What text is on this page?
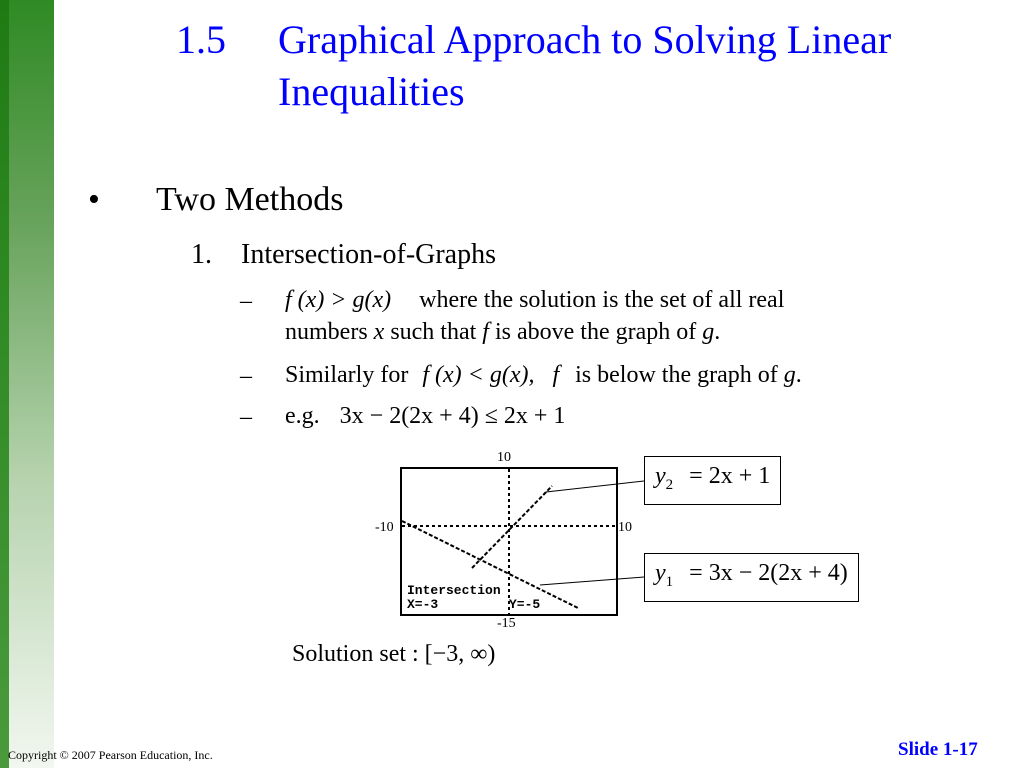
1.5 Graphical Approach to Solving Linear Inequalities
• Two Methods
1. Intersection-of-Graphs
– f (x) > g(x) where the solution is the set of all real
numbers x such that f is above the graph of g.
– Similarly for f (x) < g(x), f is below the graph of g.
– e.g. 3x − 2(2x + 4) ≤ 2x + 1
10
-10	10
-15
Intersection
X=-3	Y=-5
$y_2 = 2x + 1$
$y_1 = 3x - 2(2x + 4)$
Solution set : [−3, ∞)
Copyright © 2007 Pearson Education, Inc.	Slide 1-17
